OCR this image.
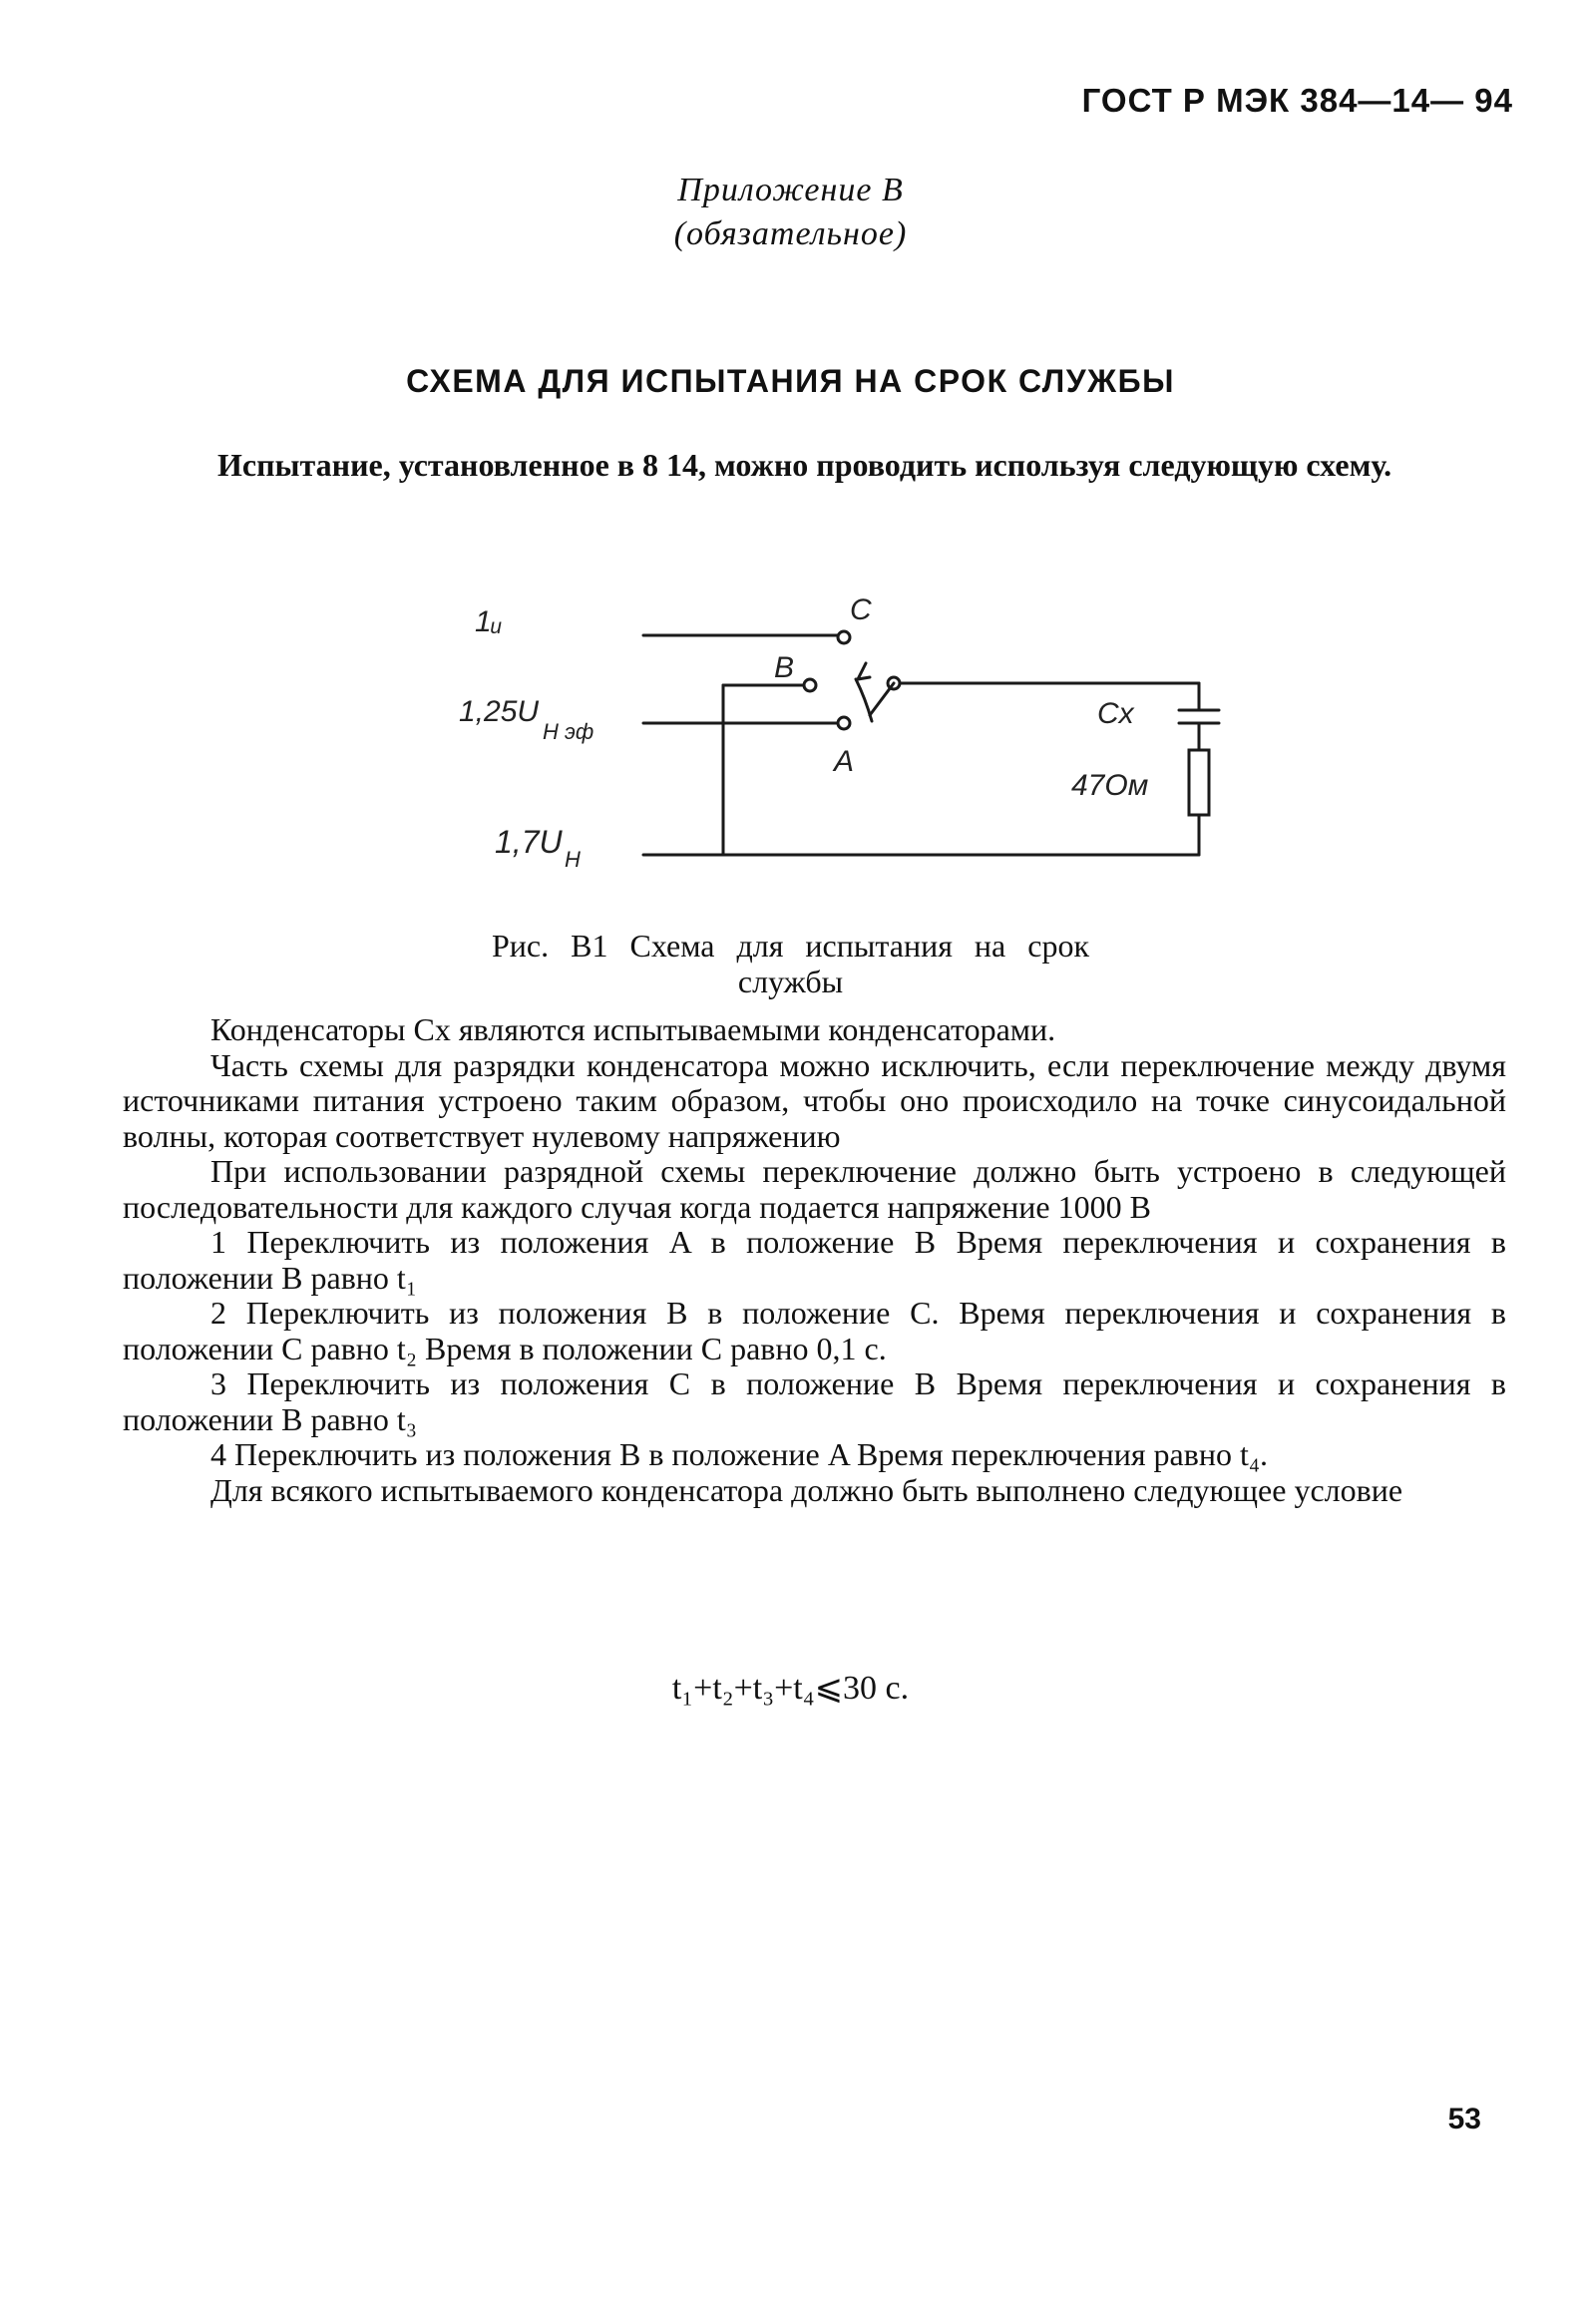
ГОСТ Р МЭК 384—14— 94
Приложение В
(обязательное)
СХЕМА ДЛЯ ИСПЫТАНИЯ НА СРОК СЛУЖБЫ

Испытание, установленное в 8 14, можно проводить используя следующую схему.

1ᵤ
1,25U
Н эф
1,7U Н
C
B
A
Cx
47Ом
Рис. В1 Схема для испытания на срок
службы

Конденсаторы Cx являются испытываемыми конденсаторами.

Часть схемы для разрядки конденсатора можно исключить, если переключение между двумя источниками питания устроено таким образом, чтобы оно происходило на точке синусоидальной волны, которая соответствует нулевому напряжению

При использовании разрядной схемы переключение должно быть устроено в следующей последовательности для каждого случая когда подается напряжение 1000 В

1 Переключить из положения A в положение B Время переключения и сохранения в положении B равно t₁

2 Переключить из положения B в положение C. Время переключения и сохранения в положении C равно t₂ Время в положении C равно 0,1 с.

3 Переключить из положения C в положение B Время переключения и сохранения в положении B равно t₃

4 Переключить из положения B в положение A Время переключения равно t₄.

Для всякого испытываемого конденсатора должно быть выполнено следующее условие

t₁+t₂+t₃+t₄⩽30 с.
53
